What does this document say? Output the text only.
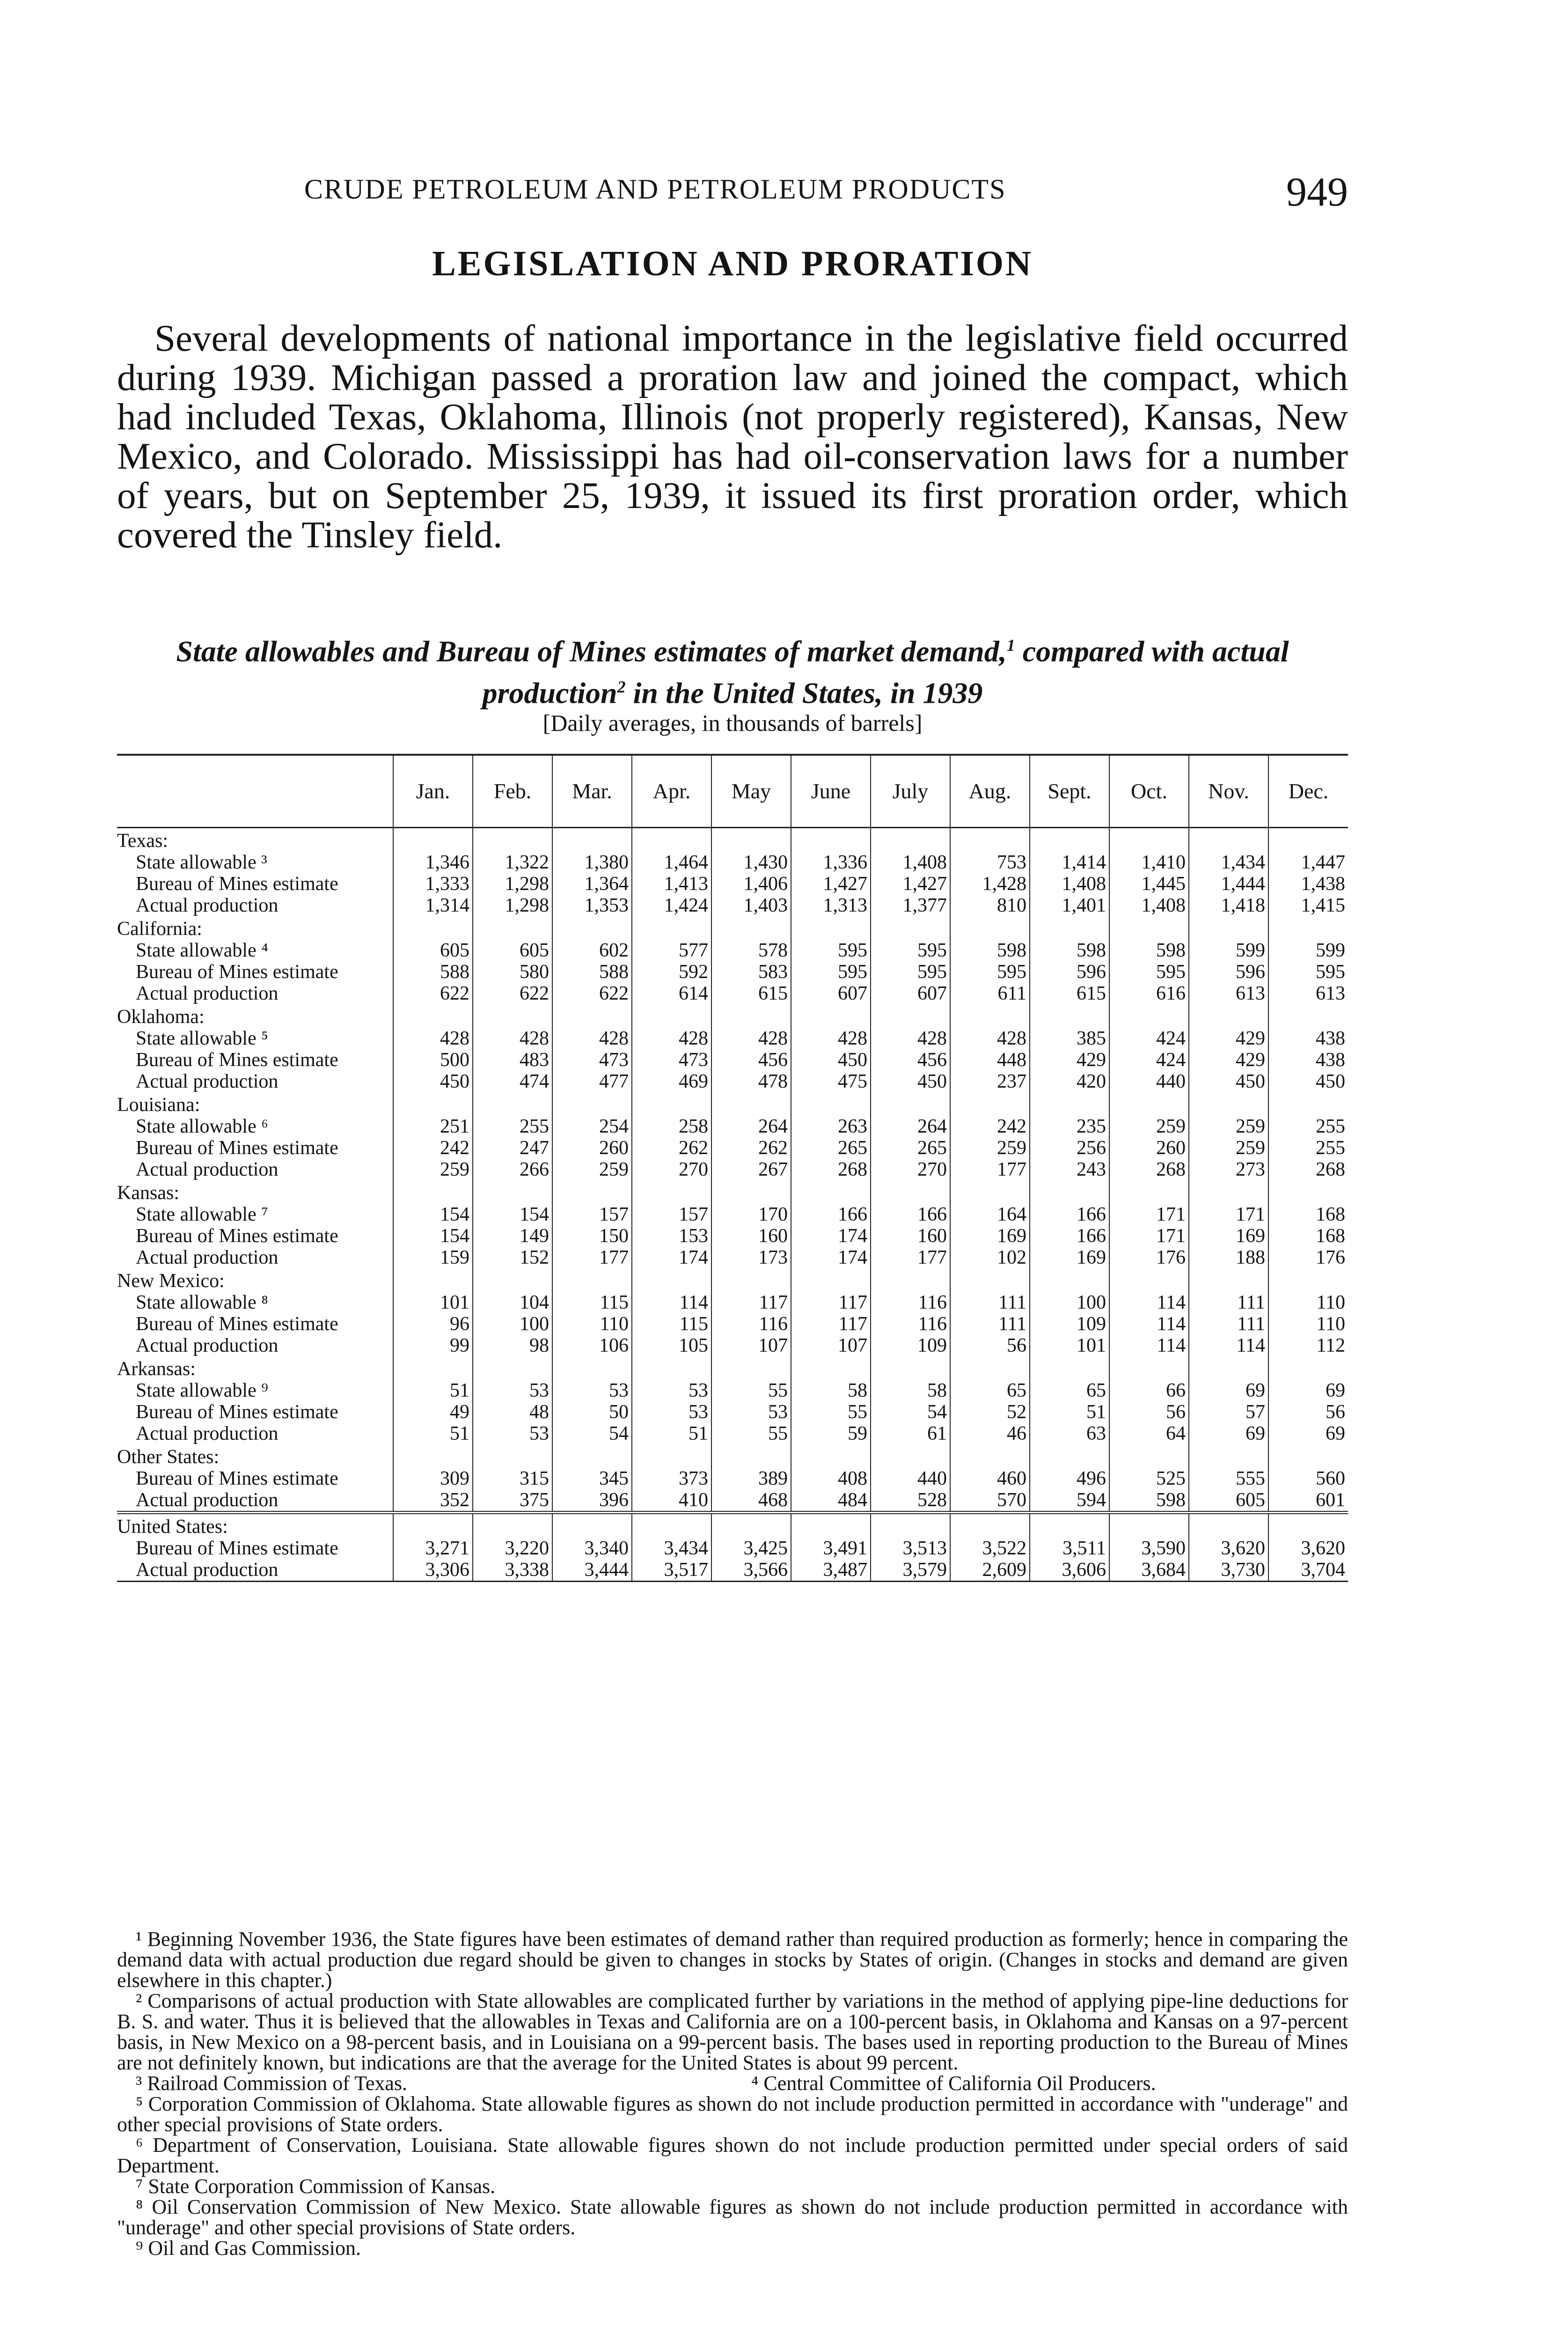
CRUDE PETROLEUM AND PETROLEUM PRODUCTS	949
LEGISLATION AND PRORATION

Several developments of national importance in the legislative field occurred during 1939. Michigan passed a proration law and joined the compact, which had included Texas, Oklahoma, Illinois (not properly registered), Kansas, New Mexico, and Colorado. Mississippi has had oil-conservation laws for a number of years, but on September 25, 1939, it issued its first proration order, which covered the Tinsley field.

State allowables and Bureau of Mines estimates of market demand,$^1$ compared with actual production$^2$ in the United States, in 1939

[Daily averages, in thousands of barrels]
	Jan.	Feb.	Mar.	Apr.	May	June	July	Aug.	Sept.	Oct.	Nov.	Dec.
Texas:												
State allowable ³	1,346	1,322	1,380	1,464	1,430	1,336	1,408	753	1,414	1,410	1,434	1,447
Bureau of Mines estimate	1,333	1,298	1,364	1,413	1,406	1,427	1,427	1,428	1,408	1,445	1,444	1,438
Actual production	1,314	1,298	1,353	1,424	1,403	1,313	1,377	810	1,401	1,408	1,418	1,415
California:												
State allowable ⁴	605	605	602	577	578	595	595	598	598	598	599	599
Bureau of Mines estimate	588	580	588	592	583	595	595	595	596	595	596	595
Actual production	622	622	622	614	615	607	607	611	615	616	613	613
Oklahoma:												
State allowable ⁵	428	428	428	428	428	428	428	428	385	424	429	438
Bureau of Mines estimate	500	483	473	473	456	450	456	448	429	424	429	438
Actual production	450	474	477	469	478	475	450	237	420	440	450	450
Louisiana:												
State allowable ⁶	251	255	254	258	264	263	264	242	235	259	259	255
Bureau of Mines estimate	242	247	260	262	262	265	265	259	256	260	259	255
Actual production	259	266	259	270	267	268	270	177	243	268	273	268
Kansas:												
State allowable ⁷	154	154	157	157	170	166	166	164	166	171	171	168
Bureau of Mines estimate	154	149	150	153	160	174	160	169	166	171	169	168
Actual production	159	152	177	174	173	174	177	102	169	176	188	176
New Mexico:												
State allowable ⁸	101	104	115	114	117	117	116	111	100	114	111	110
Bureau of Mines estimate	96	100	110	115	116	117	116	111	109	114	111	110
Actual production	99	98	106	105	107	107	109	56	101	114	114	112
Arkansas:												
State allowable ⁹	51	53	53	53	55	58	58	65	65	66	69	69
Bureau of Mines estimate	49	48	50	53	53	55	54	52	51	56	57	56
Actual production	51	53	54	51	55	59	61	46	63	64	69	69
Other States:												
Bureau of Mines estimate	309	315	345	373	389	408	440	460	496	525	555	560
Actual production	352	375	396	410	468	484	528	570	594	598	605	601
United States:												
Bureau of Mines estimate	3,271	3,220	3,340	3,434	3,425	3,491	3,513	3,522	3,511	3,590	3,620	3,620
Actual production	3,306	3,338	3,444	3,517	3,566	3,487	3,579	2,609	3,606	3,684	3,730	3,704

¹ Beginning November 1936, the State figures have been estimates of demand rather than required production as formerly; hence in comparing the demand data with actual production due regard should be given to changes in stocks by States of origin. (Changes in stocks and demand are given elsewhere in this chapter.)

² Comparisons of actual production with State allowables are complicated further by variations in the method of applying pipe-line deductions for B. S. and water. Thus it is believed that the allowables in Texas and California are on a 100-percent basis, in Oklahoma and Kansas on a 97-percent basis, in New Mexico on a 98-percent basis, and in Louisiana on a 99-percent basis. The bases used in reporting production to the Bureau of Mines are not definitely known, but indications are that the average for the United States is about 99 percent.

³ Railroad Commission of Texas.	⁴ Central Committee of California Oil Producers.

⁵ Corporation Commission of Oklahoma. State allowable figures as shown do not include production permitted in accordance with "underage" and other special provisions of State orders.

⁶ Department of Conservation, Louisiana. State allowable figures shown do not include production permitted under special orders of said Department.

⁷ State Corporation Commission of Kansas.

⁸ Oil Conservation Commission of New Mexico. State allowable figures as shown do not include production permitted in accordance with "underage" and other special provisions of State orders.

⁹ Oil and Gas Commission.
